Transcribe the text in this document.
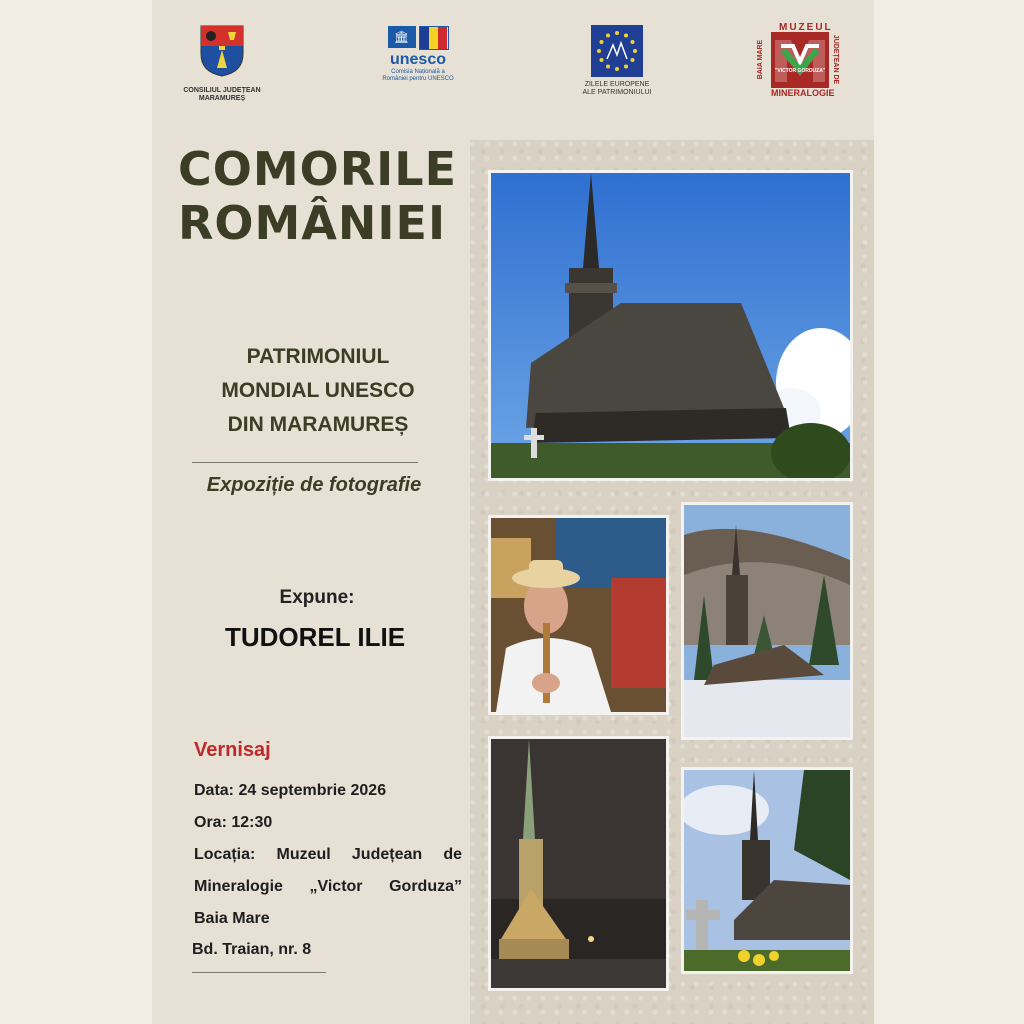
CONSILIUL JUDEȚEAN
MARAMUREȘ
🏛
unesco
Comisia Națională a
României pentru UNESCO
ZILELE EUROPENE
ALE PATRIMONIULUI
MUZEUL
BAIA MARE	JUDEȚEAN DE
"VICTOR GORDUZA"
MINERALOGIE
COMORILE
ROMÂNIEI
PATRIMONIUL
MONDIAL UNESCO
DIN MARAMUREȘ
Expoziție de fotografie
Expune:
TUDOREL ILIE
Vernisaj
Data: 24 septembrie 2026
Ora: 12:30
Locația: Muzeul Județean de
Mineralogie „Victor Gorduza”
Baia Mare
Bd. Traian, nr. 8
